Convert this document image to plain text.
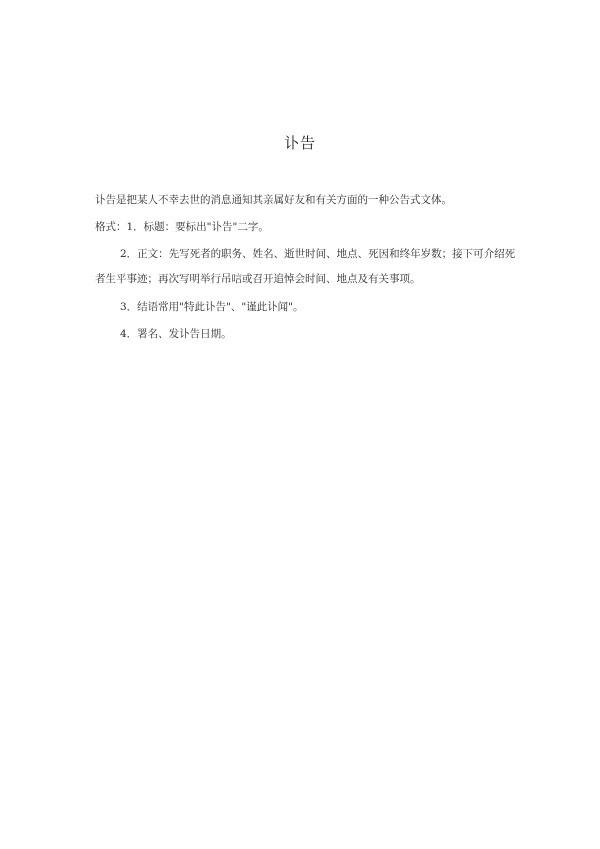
讣告
讣告是把某人不幸去世的消息通知其亲属好友和有关方面的一种公告式文体。
格式：1．标题：要标出"讣告"二字。
2．正文：先写死者的职务、姓名、逝世时间、地点、死因和终年岁数；接下可介绍死
者生平事迹；再次写明举行吊唁或召开追悼会时间、地点及有关事项。
3．结语常用"特此讣告"、"谨此讣闻"。
4．署名、发讣告日期。
